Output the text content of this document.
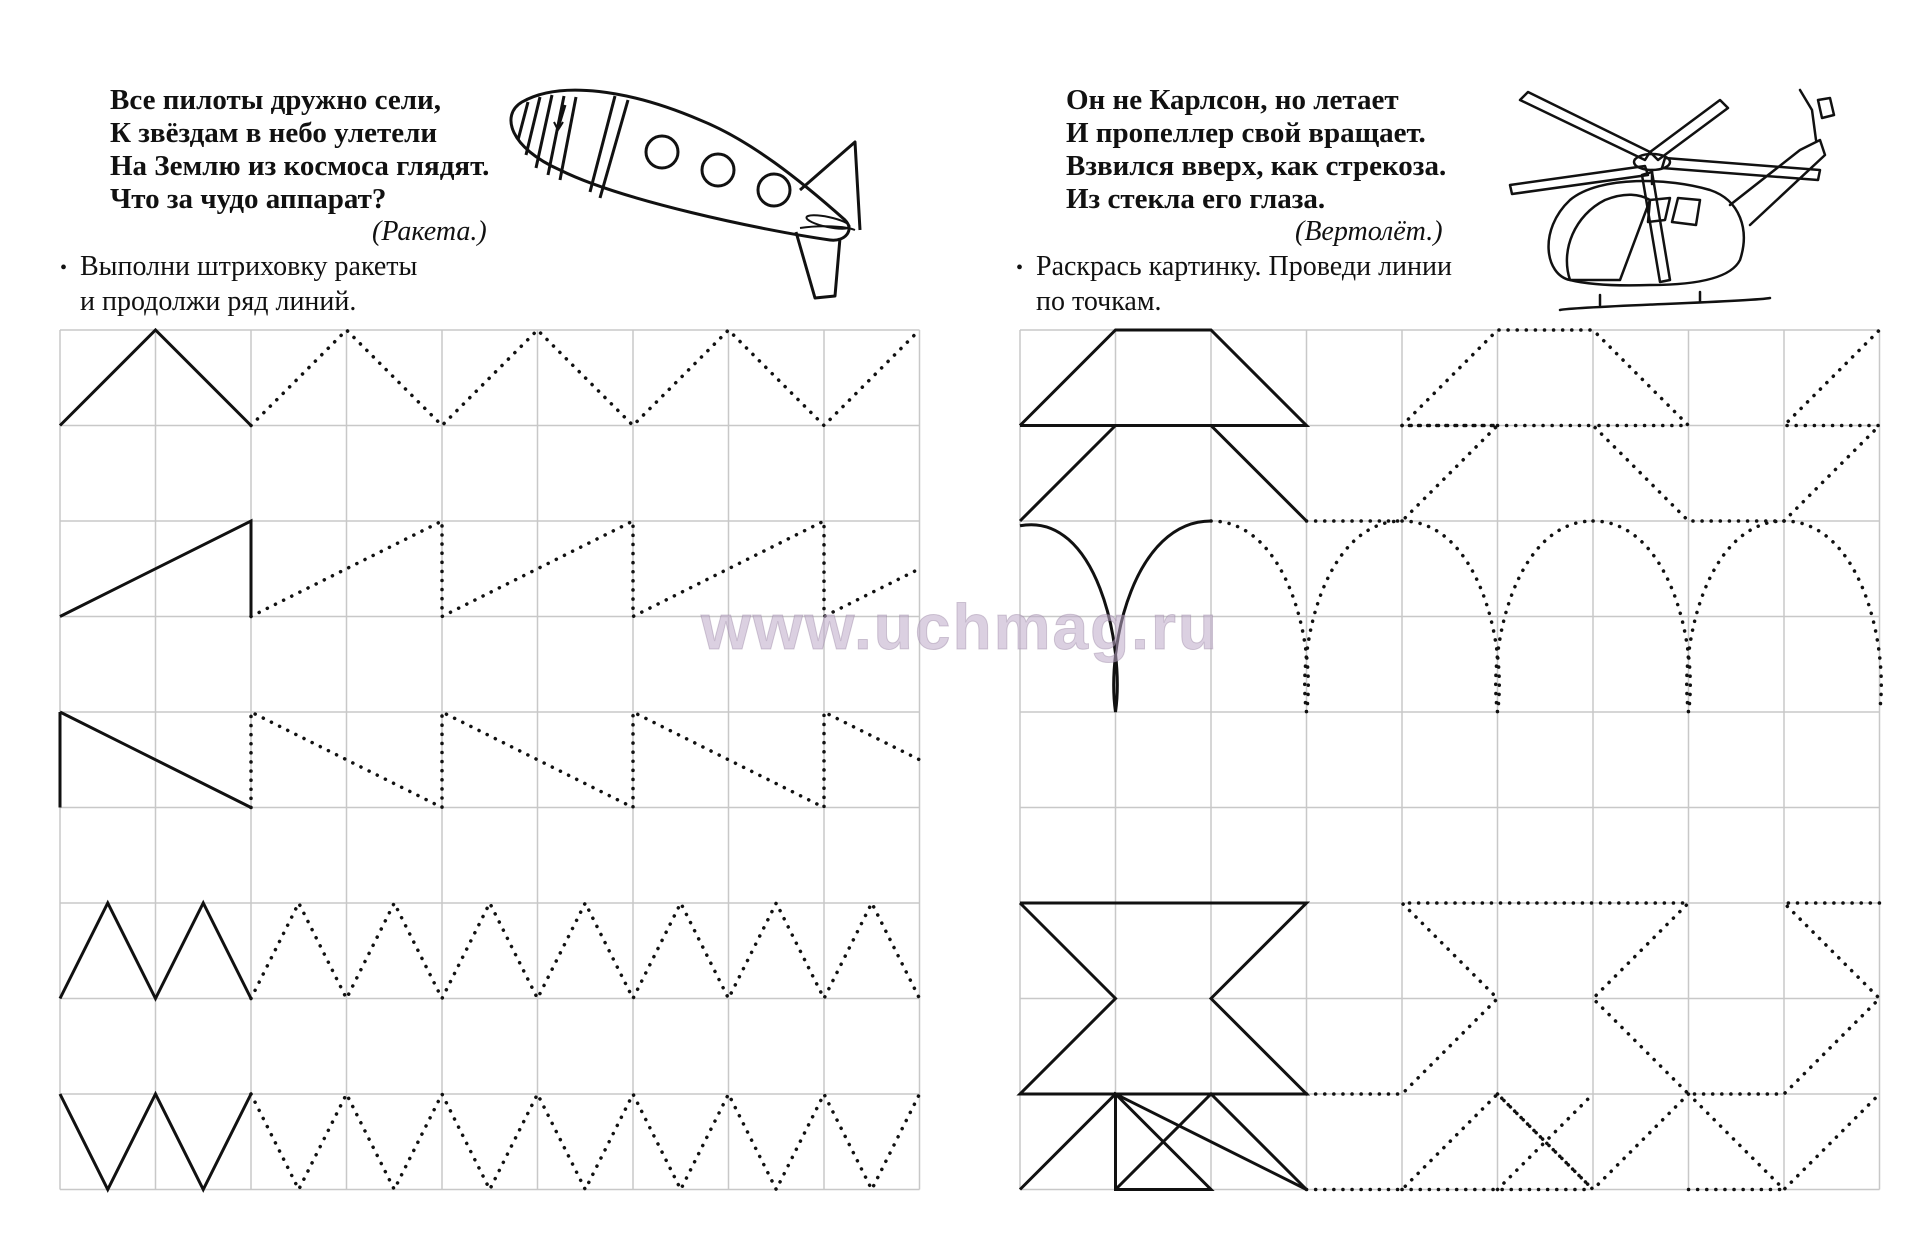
Все пилоты дружно сели,
К звёздам в небо улетели
На Землю из космоса глядят.
Что за чудо аппарат?
(Ракета.)
• Выполни штриховку ракеты
и продолжи ряд линий.
Он не Карлсон, но летает
И пропеллер свой вращает.
Взвился вверх, как стрекоза.
Из стекла его глаза.
(Вертолёт.)
• Раскрась картинку. Проведи линии
по точкам.
www.uchmag.ru
